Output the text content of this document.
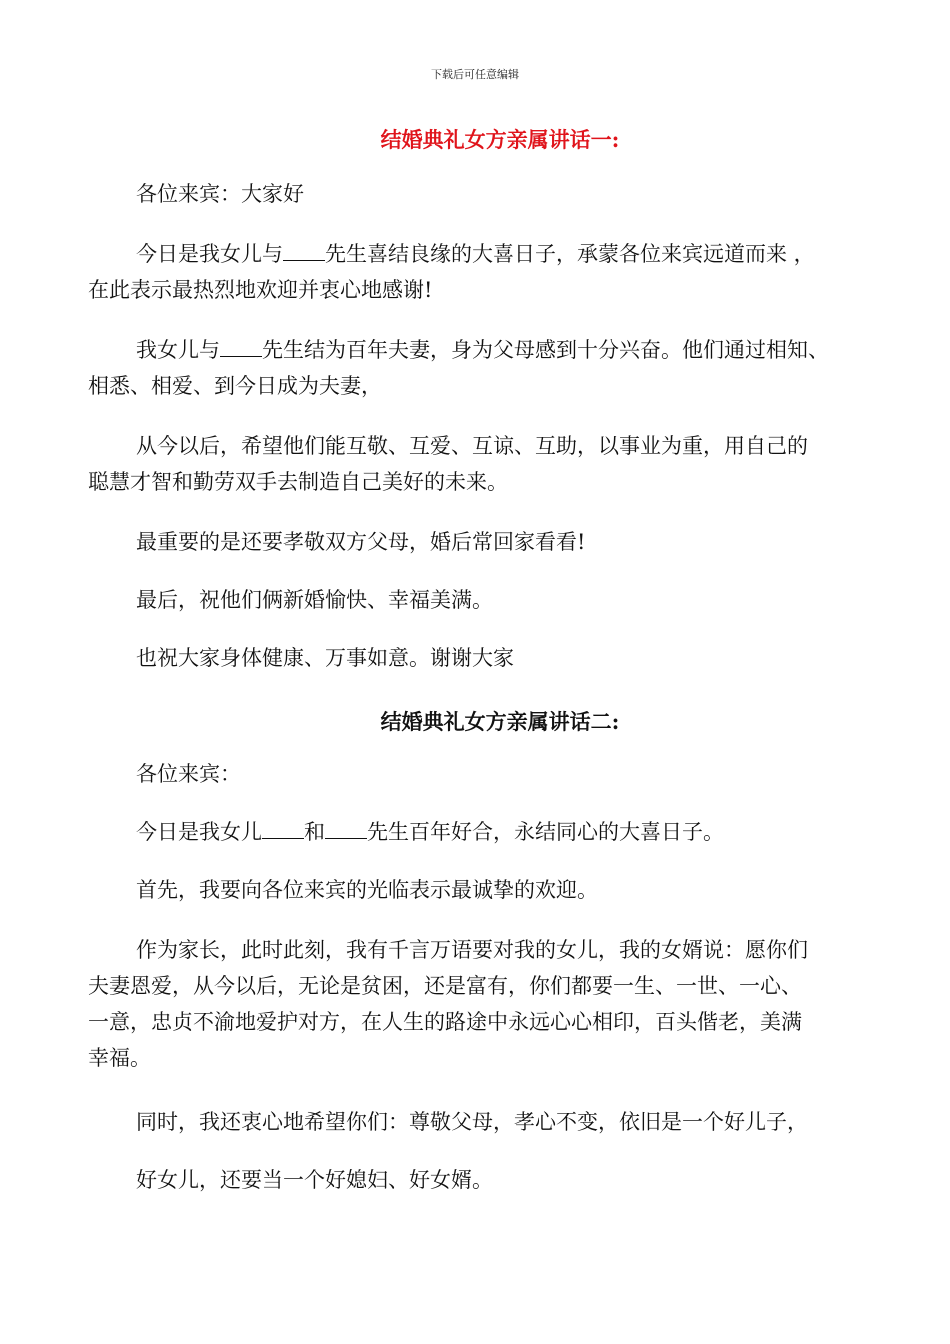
下载后可任意编辑
结婚典礼女方亲属讲话一:
各位来宾：大家好
今日是我女儿与 先生喜结良缘的大喜日子，承蒙各位来宾远道而来 ，
在此表示最热烈地欢迎并衷心地感谢!
我女儿与 先生结为百年夫妻，身为父母感到十分兴奋。他们通过相知、
相悉、相爱、到今日成为夫妻，
从今以后，希望他们能互敬、互爱、互谅、互助，以事业为重，用自己的
聪慧才智和勤劳双手去制造自己美好的未来。
最重要的是还要孝敬双方父母，婚后常回家看看!
最后，祝他们俩新婚愉快、幸福美满。
也祝大家身体健康、万事如意。谢谢大家
结婚典礼女方亲属讲话二:
各位来宾：
今日是我女儿 和 先生百年好合，永结同心的大喜日子。
首先，我要向各位来宾的光临表示最诚挚的欢迎。
作为家长，此时此刻，我有千言万语要对我的女儿，我的女婿说：愿你们
夫妻恩爱，从今以后，无论是贫困，还是富有，你们都要一生、一世、一心、
一意，忠贞不渝地爱护对方，在人生的路途中永远心心相印，百头偕老，美满
幸福。
同时，我还衷心地希望你们：尊敬父母，孝心不变，依旧是一个好儿子，
好女儿，还要当一个好媳妇、好女婿。
